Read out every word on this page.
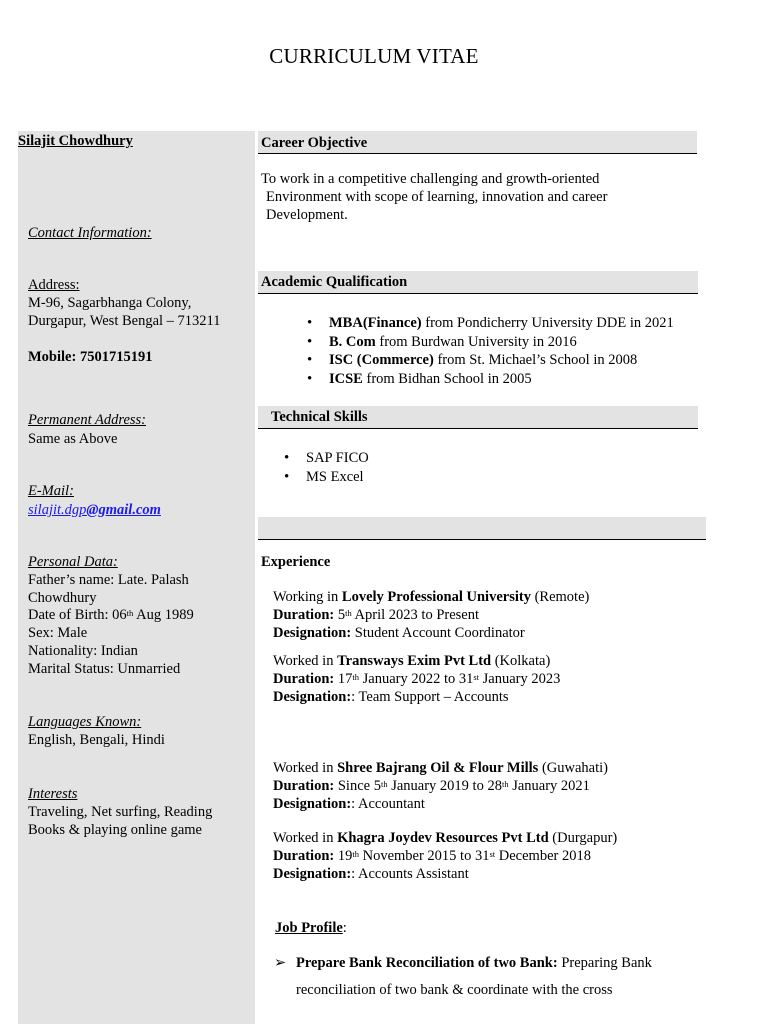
CURRICULUM VITAE
Silajit Chowdhury
Contact Information:
Address:
M-96, Sagarbhanga Colony,
Durgapur, West Bengal – 713211
Mobile: 7501715191
Permanent Address:
Same as Above
E-Mail:
silajit.dgp@gmail.com
Personal Data:
Father’s name: Late. Palash
Chowdhury
Date of Birth: 06th Aug 1989
Sex: Male
Nationality: Indian
Marital Status: Unmarried
Languages Known:
English, Bengali, Hindi
Interests
Traveling, Net surfing, Reading
Books & playing online game
Career Objective
To work in a competitive challenging and growth-oriented
Environment with scope of learning, innovation and career
Development.
Academic Qualification
• MBA(Finance) from Pondicherry University DDE in 2021
• B. Com from Burdwan University in 2016
• ISC (Commerce) from St. Michael’s School in 2008
• ICSE from Bidhan School in 2005
Technical Skills
• SAP FICO
• MS Excel
Experience
Working in Lovely Professional University (Remote)
Duration: 5th April 2023 to Present
Designation: Student Account Coordinator
Worked in Transways Exim Pvt Ltd (Kolkata)
Duration: 17th January 2022 to 31st January 2023
Designation:: Team Support – Accounts
Worked in Shree Bajrang Oil & Flour Mills (Guwahati)
Duration: Since 5th January 2019 to 28th January 2021
Designation:: Accountant
Worked in Khagra Joydev Resources Pvt Ltd (Durgapur)
Duration: 19th November 2015 to 31st December 2018
Designation:: Accounts Assistant
Job Profile:
➢ Prepare Bank Reconciliation of two Bank: Preparing Bank
reconciliation of two bank & coordinate with the cross
